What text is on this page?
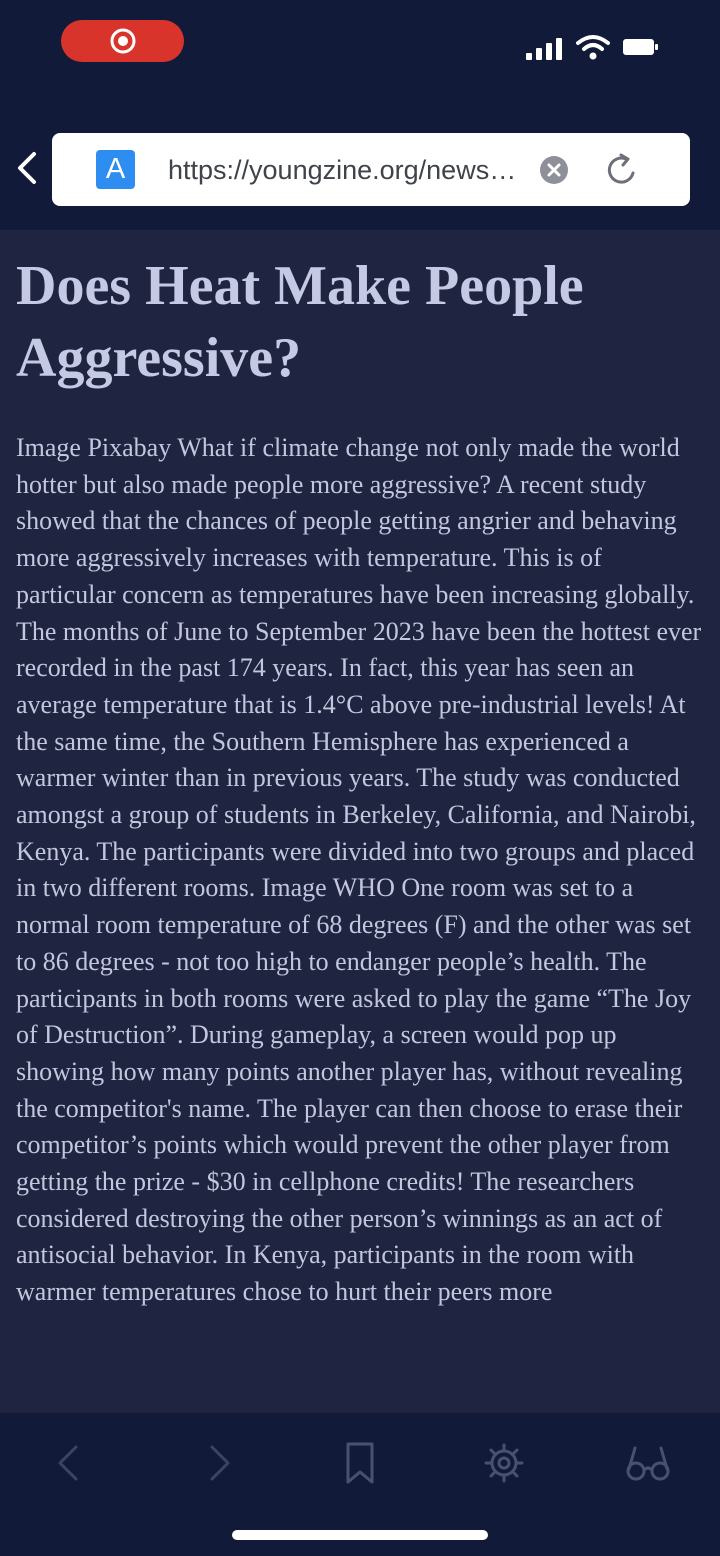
A	https://youngzine.org/news…
Does Heat Make People Aggressive?
Image Pixabay What if climate change not only made the world hotter but also made people more aggressive? A recent study showed that the chances of people getting angrier and behaving more aggressively increases with temperature. This is of particular concern as temperatures have been increasing globally. The months of June to September 2023 have been the hottest ever recorded in the past 174 years. In fact, this year has seen an average temperature that is 1.4°C above pre-industrial levels! At the same time, the Southern Hemisphere has experienced a warmer winter than in previous years. The study was conducted amongst a group of students in Berkeley, California, and Nairobi, Kenya. The participants were divided into two groups and placed in two different rooms. Image WHO One room was set to a normal room temperature of 68 degrees (F) and the other was set to 86 degrees - not too high to endanger people’s health. The participants in both rooms were asked to play the game “The Joy of Destruction”. During gameplay, a screen would pop up showing how many points another player has, without revealing the competitor's name. The player can then choose to erase their competitor’s points which would prevent the other player from getting the prize - $30 in cellphone credits! The researchers considered destroying the other person’s winnings as an act of antisocial behavior. In Kenya, participants in the room with warmer temperatures chose to hurt their peers more
